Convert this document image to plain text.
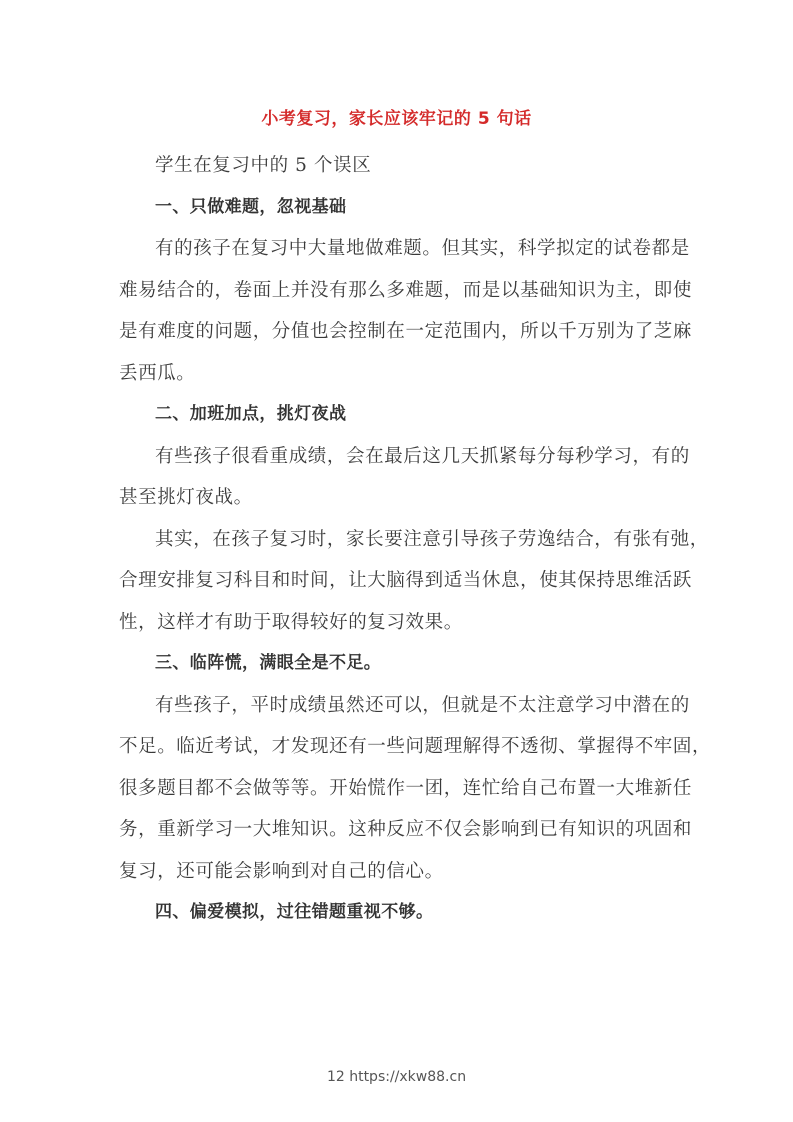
小考复习，家长应该牢记的 5 句话
学生在复习中的 5 个误区
一、只做难题，忽视基础
有的孩子在复习中大量地做难题。但其实，科学拟定的试卷都是
难易结合的，卷面上并没有那么多难题，而是以基础知识为主，即使
是有难度的问题，分值也会控制在一定范围内，所以千万别为了芝麻
丢西瓜。
二、加班加点，挑灯夜战
有些孩子很看重成绩，会在最后这几天抓紧每分每秒学习，有的
甚至挑灯夜战。
其实，在孩子复习时，家长要注意引导孩子劳逸结合，有张有弛，
合理安排复习科目和时间，让大脑得到适当休息，使其保持思维活跃
性，这样才有助于取得较好的复习效果。
三、临阵慌，满眼全是不足。
有些孩子，平时成绩虽然还可以，但就是不太注意学习中潜在的
不足。临近考试，才发现还有一些问题理解得不透彻、掌握得不牢固，
很多题目都不会做等等。开始慌作一团，连忙给自己布置一大堆新任
务，重新学习一大堆知识。这种反应不仅会影响到已有知识的巩固和
复习，还可能会影响到对自己的信心。
四、偏爱模拟，过往错题重视不够。
12 https://xkw88.cn
